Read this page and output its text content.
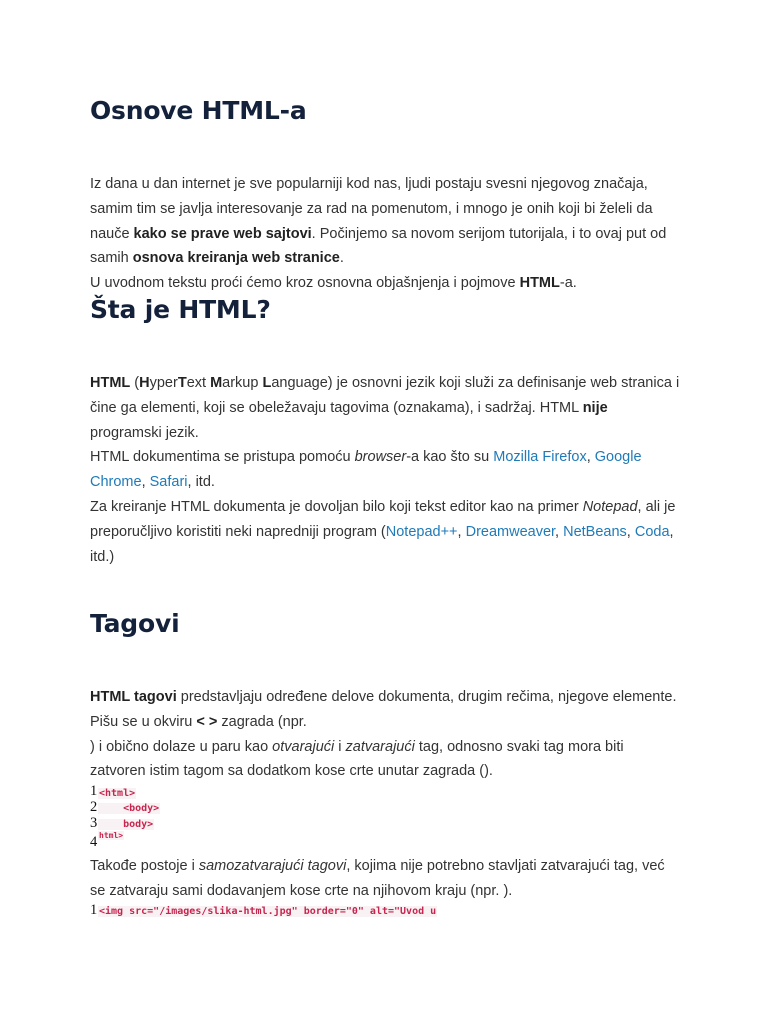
Osnove HTML-a

Iz dana u dan internet je sve popularniji kod nas, ljudi postaju svesni njegovog značaja, samim tim se javlja interesovanje za rad na pomenutom, i mnogo je onih koji bi želeli da nauče kako se prave web sajtovi. Počinjemo sa novom serijom tutorijala, i to ovaj put od samih osnova kreiranja web stranice.
U uvodnom tekstu proći ćemo kroz osnovna objašnjenja i pojmove HTML-a.

Šta je HTML?

HTML (HyperText Markup Language) je osnovni jezik koji služi za definisanje web stranica i čine ga elementi, koji se obeležavaju tagovima (oznakama), i sadržaj. HTML nije programski jezik.
HTML dokumentima se pristupa pomoću browser-a kao što su Mozilla Firefox, Google Chrome, Safari, itd.
Za kreiranje HTML dokumenta je dovoljan bilo koji tekst editor kao na primer Notepad, ali je preporučljivo koristiti neki napredniji program (Notepad++, Dreamweaver, NetBeans, Coda, itd.)

Tagovi

HTML tagovi predstavljaju određene delove dokumenta, drugim rečima, njegove elemente. Pišu se u okviru < > zagrada (npr.
) i obično dolaze u paru kao otvarajući i zatvarajući tag, odnosno svaki tag mora biti zatvoren istim tagom sa dodatkom kose crte unutar zagrada ().

1 <html>
2 <body>
3 body>
4 html>

Takođe postoje i samozatvarajući tagovi, kojima nije potrebno stavljati zatvarajući tag, već se zatvaraju sami dodavanjem kose crte na njihovom kraju (npr. ).

1 <img src="/images/slika-html.jpg" border="0" alt="Uvod u
